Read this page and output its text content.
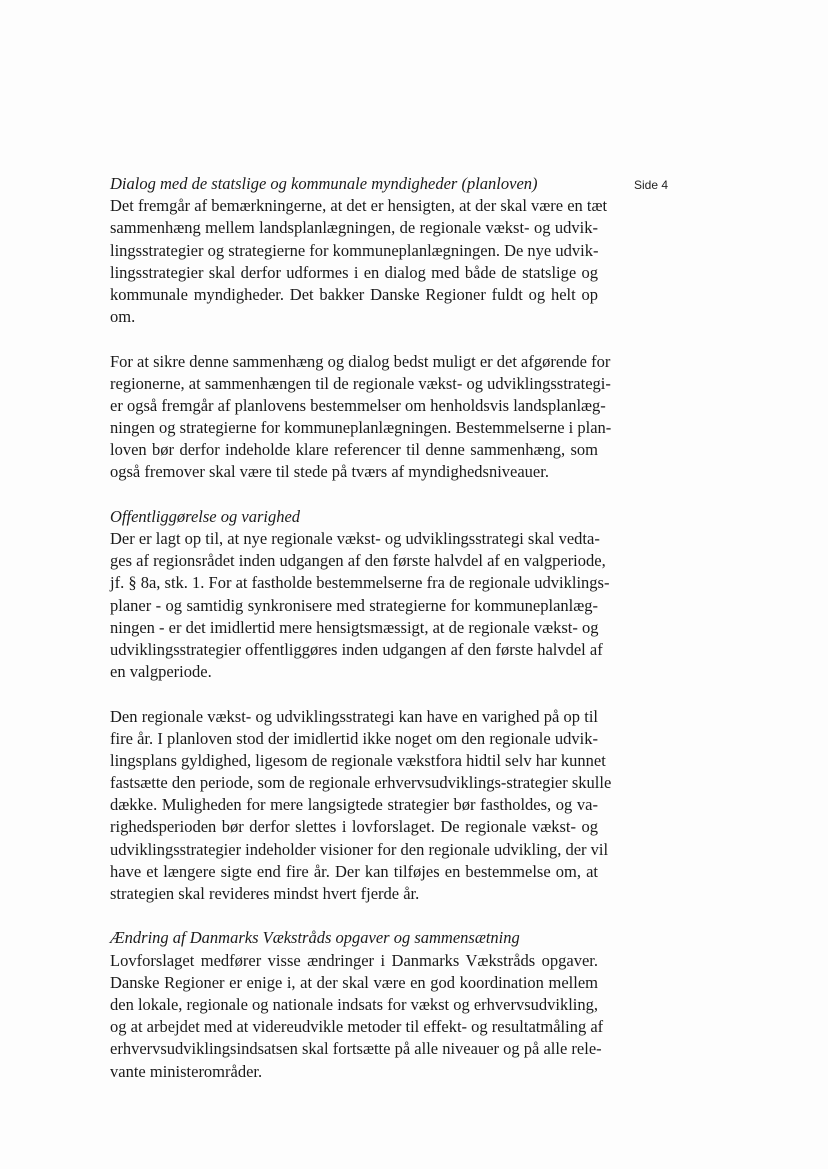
Side 4
Dialog med de statslige og kommunale myndigheder (planloven)
Det fremgår af bemærkningerne, at det er hensigten, at der skal være en tæt
sammenhæng mellem landsplanlægningen, de regionale vækst- og udvik-
lingsstrategier og strategierne for kommuneplanlægningen. De nye udvik-
lingsstrategier skal derfor udformes i en dialog med både de statslige og
kommunale myndigheder. Det bakker Danske Regioner fuldt og helt op
om.
For at sikre denne sammenhæng og dialog bedst muligt er det afgørende for
regionerne, at sammenhængen til de regionale vækst- og udviklingsstrategi-
er også fremgår af planlovens bestemmelser om henholdsvis landsplanlæg-
ningen og strategierne for kommuneplanlægningen. Bestemmelserne i plan-
loven bør derfor indeholde klare referencer til denne sammenhæng, som
også fremover skal være til stede på tværs af myndighedsniveauer.
Offentliggørelse og varighed
Der er lagt op til, at nye regionale vækst- og udviklingsstrategi skal vedta-
ges af regionsrådet inden udgangen af den første halvdel af en valgperiode,
jf. § 8a, stk. 1. For at fastholde bestemmelserne fra de regionale udviklings-
planer - og samtidig synkronisere med strategierne for kommuneplanlæg-
ningen - er det imidlertid mere hensigtsmæssigt, at de regionale vækst- og
udviklingsstrategier offentliggøres inden udgangen af den første halvdel af
en valgperiode.
Den regionale vækst- og udviklingsstrategi kan have en varighed på op til
fire år. I planloven stod der imidlertid ikke noget om den regionale udvik-
lingsplans gyldighed, ligesom de regionale vækstfora hidtil selv har kunnet
fastsætte den periode, som de regionale erhvervsudviklings-strategier skulle
dække. Muligheden for mere langsigtede strategier bør fastholdes, og va-
righedsperioden bør derfor slettes i lovforslaget. De regionale vækst- og
udviklingsstrategier indeholder visioner for den regionale udvikling, der vil
have et længere sigte end fire år. Der kan tilføjes en bestemmelse om, at
strategien skal revideres mindst hvert fjerde år.
Ændring af Danmarks Vækstråds opgaver og sammensætning
Lovforslaget medfører visse ændringer i Danmarks Vækstråds opgaver.
Danske Regioner er enige i, at der skal være en god koordination mellem
den lokale, regionale og nationale indsats for vækst og erhvervsudvikling,
og at arbejdet med at videreudvikle metoder til effekt- og resultatmåling af
erhvervsudviklingsindsatsen skal fortsætte på alle niveauer og på alle rele-
vante ministerområder.
